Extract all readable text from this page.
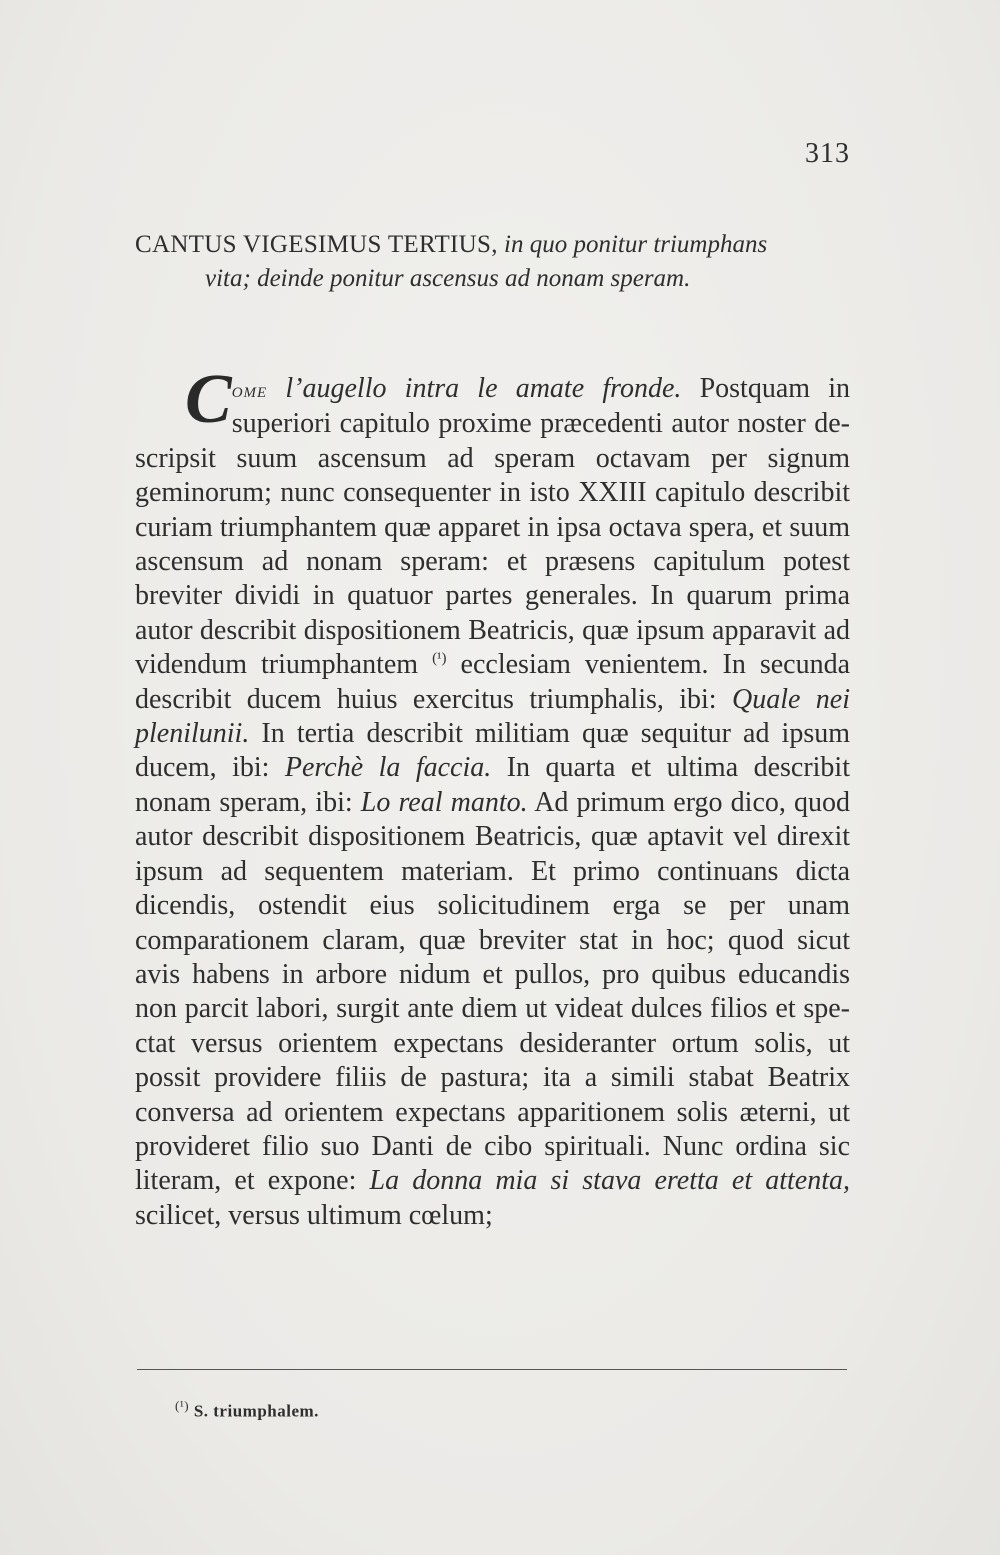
313
CANTUS VIGESIMUS TERTIUS, in quo ponitur triumphans
vita; deinde ponitur ascensus ad nonam speram.
Come l’augello intra le amate fronde. Postquam in superiori capitulo proxime præcedenti autor noster descripsit suum ascensum ad speram octavam per signum geminorum; nunc consequenter in isto XXIII capitulo describit curiam triumphantem quæ apparet in ipsa octava spera, et suum ascensum ad nonam speram: et præsens capitulum potest breviter dividi in quatuor partes generales. In quarum prima autor describit dispositionem Beatricis, quæ ipsum apparavit ad videndum triumphantem $^{(^1)}$ ecclesiam venientem. In secunda describit ducem huius exercitus triumphalis, ibi: Quale nei plenilunii. In tertia describit militiam quæ sequitur ad ipsum ducem, ibi: Perchè la faccia. In quarta et ultima describit nonam speram, ibi: Lo real manto. Ad primum ergo dico, quod autor describit dispositionem Beatricis, quæ aptavit vel direxit ipsum ad sequentem materiam. Et primo continuans dicta dicendis, ostendit eius solicitudinem erga se per unam comparationem claram, quæ breviter stat in hoc; quod sicut avis habens in arbore nidum et pullos, pro quibus educandis non parcit labori, surgit ante diem ut videat dulces filios et spectat versus orientem expectans desideranter ortum solis, ut possit providere filiis de pastura; ita a simili stabat Beatrix conversa ad orientem expectans apparitionem solis æterni, ut provideret filio suo Danti de cibo spirituali. Nunc ordina sic literam, et expone: La donna mia si stava eretta et attenta, scilicet, versus ultimum cœlum;
$^{(^1)}$ S. triumphalem.
